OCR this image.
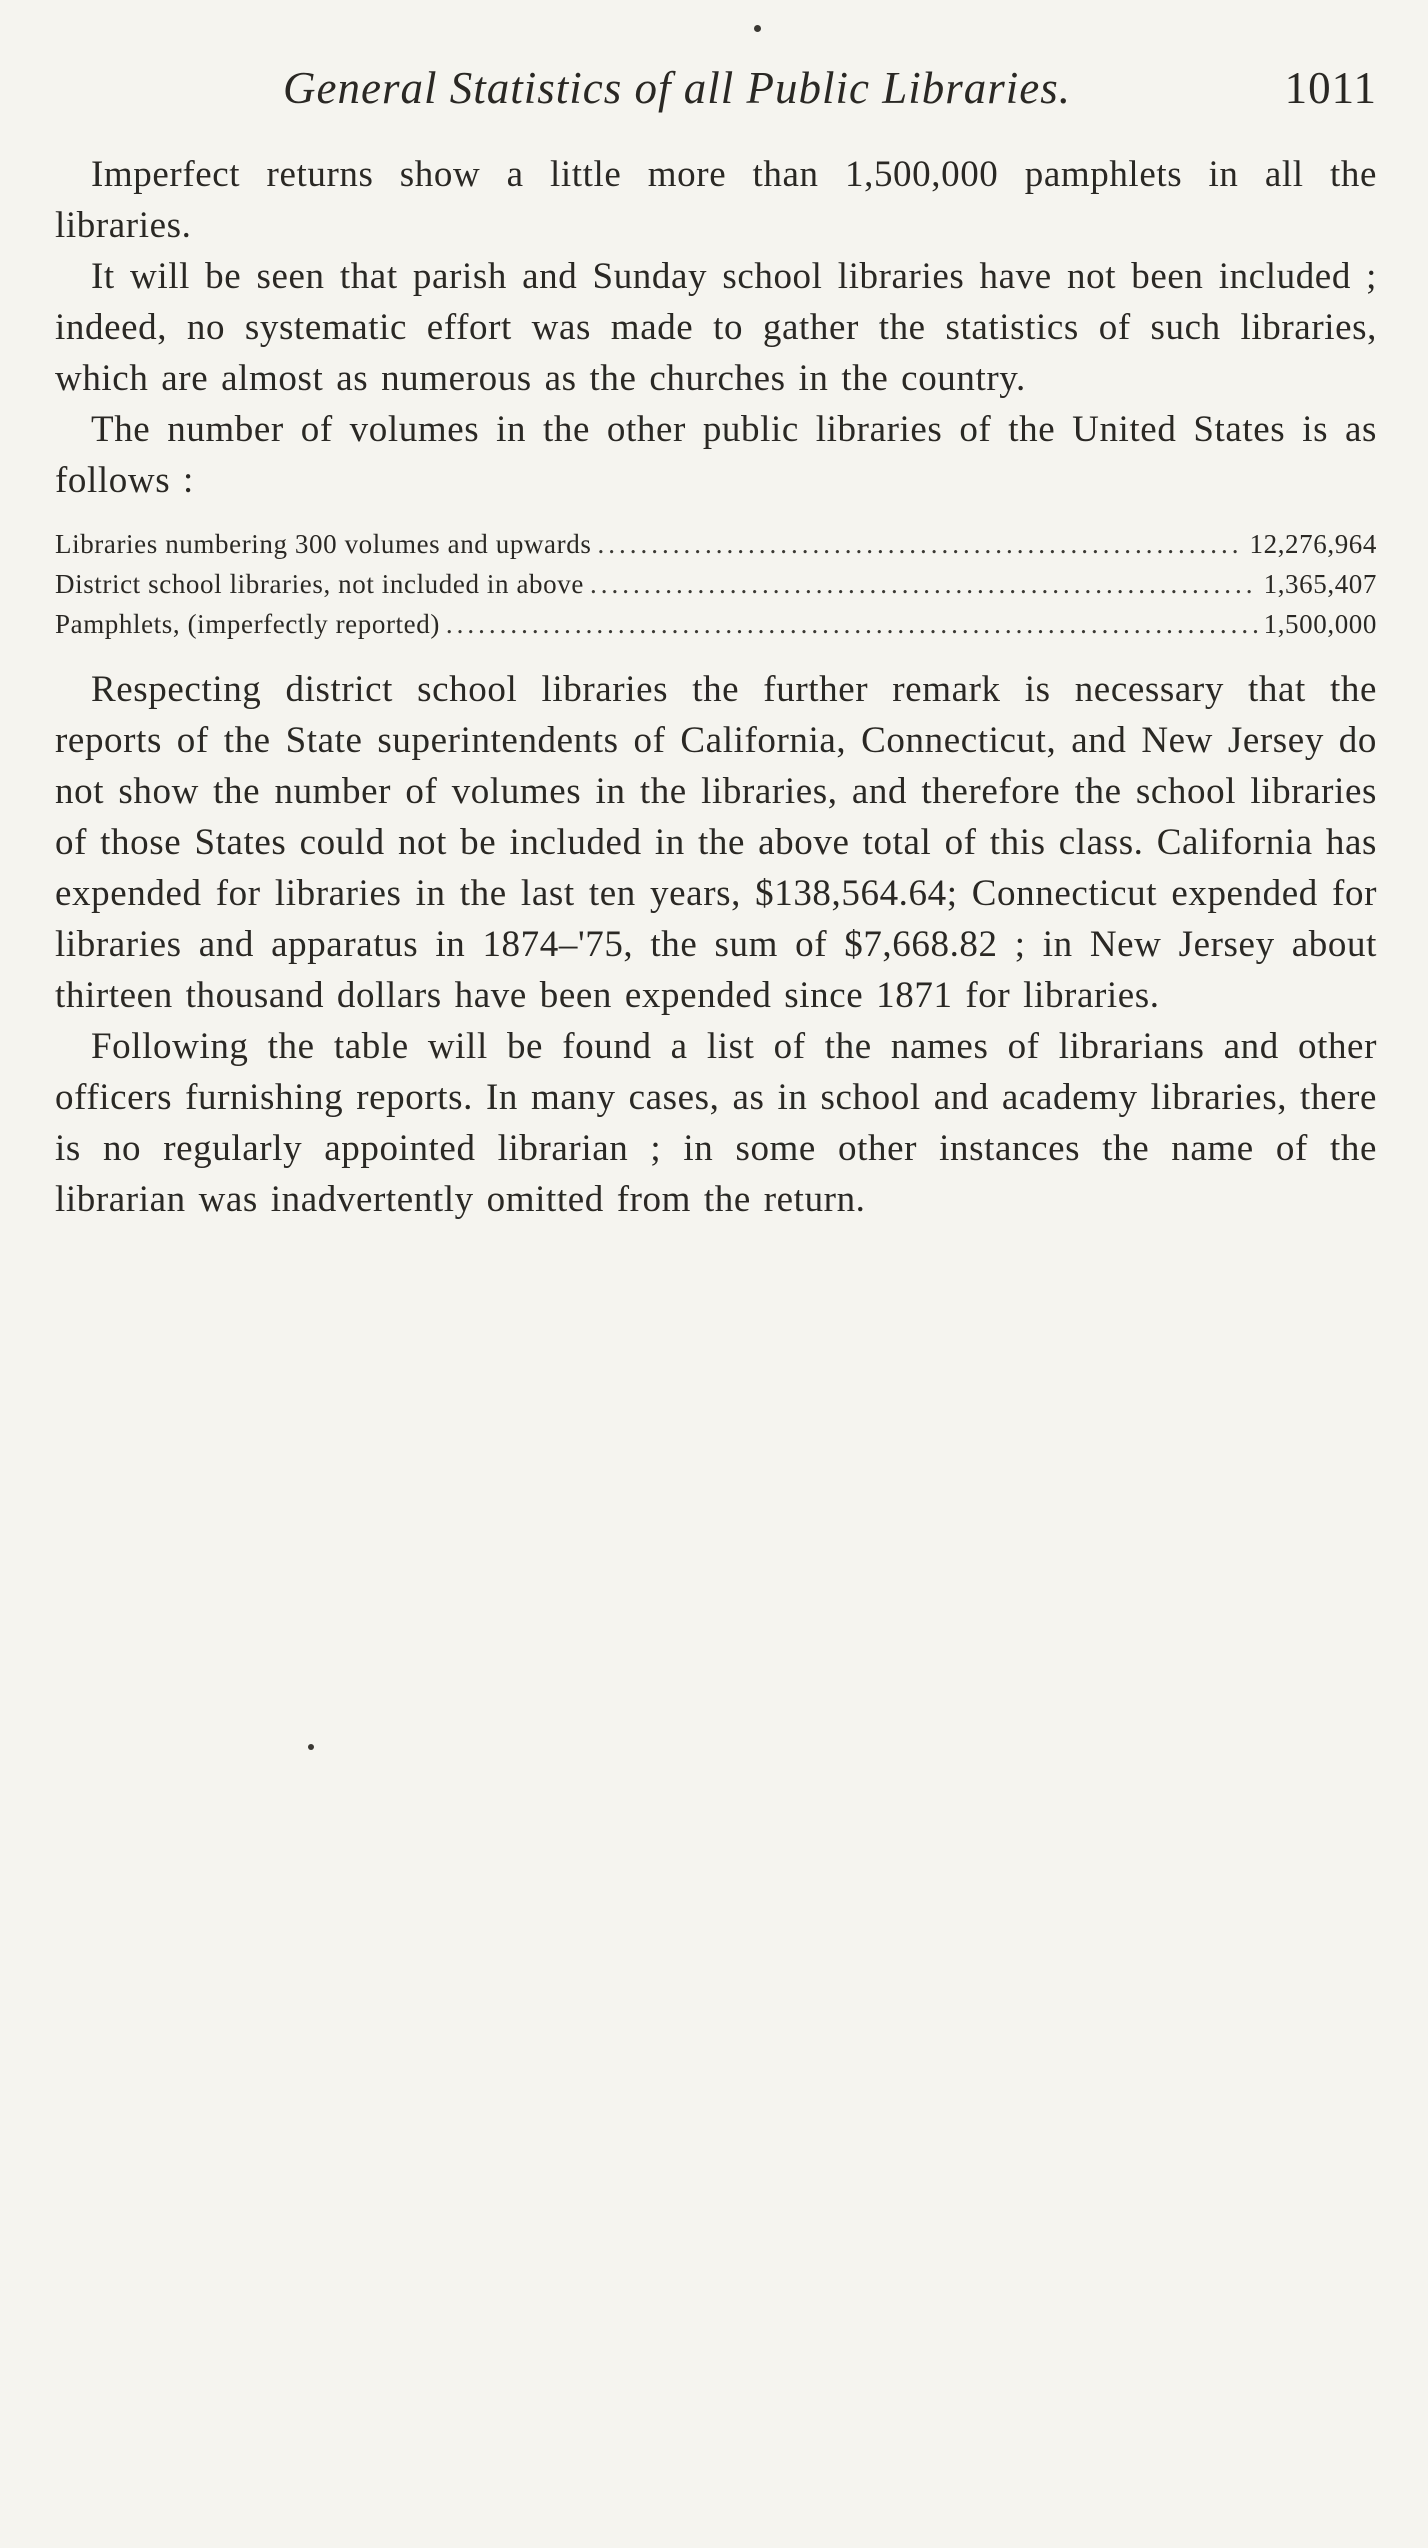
General Statistics of all Public Libraries.	1011

Imperfect returns show a little more than 1,500,000 pamphlets in all the libraries.

It will be seen that parish and Sunday school libraries have not been included ; indeed, no systematic effort was made to gather the statistics of such libraries, which are almost as numerous as the churches in the country.

The number of volumes in the other public libraries of the United States is as follows :

Libraries numbering 300 volumes and upwards .....	12,276,964
District school libraries, not included in above .....	1,365,407
Pamphlets, (imperfectly reported) .....	1,500,000

Respecting district school libraries the further remark is necessary that the reports of the State superintendents of California, Connecticut, and New Jersey do not show the number of volumes in the libraries, and therefore the school libraries of those States could not be included in the above total of this class. California has expended for libraries in the last ten years, $138,564.64; Connecticut expended for libraries and apparatus in 1874–'75, the sum of $7,668.82 ; in New Jersey about thirteen thousand dollars have been expended since 1871 for libraries.

Following the table will be found a list of the names of librarians and other officers furnishing reports. In many cases, as in school and academy libraries, there is no regularly appointed librarian ; in some other instances the name of the librarian was inadvertently omitted from the return.
